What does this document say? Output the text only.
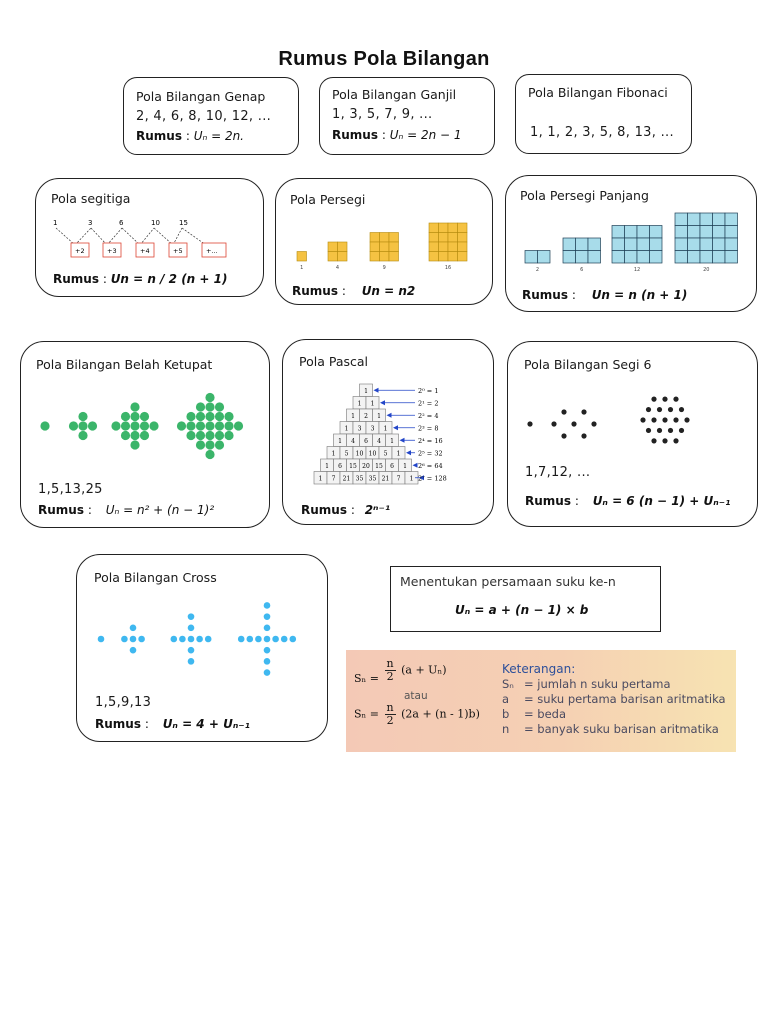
Rumus Pola Bilangan
Pola Bilangan Genap
2, 4, 6, 8, 10, 12, ...
Rumus : Uₙ = 2n.
Pola Bilangan Ganjil
1, 3, 5, 7, 9, ...
Rumus : Uₙ = 2n − 1
Pola Bilangan Fibonaci
1, 1, 2, 3, 5, 8, 13, ...
Pola segitiga
1	3	6	10	15
+2	+3	+4	+5	+...
Rumus : Un = n / 2 (n + 1)
Pola Persegi
1	4	9	16
Rumus : Un = n2
Pola Persegi Panjang
2	6	12	20
Rumus : Un = n (n + 1)
Pola Bilangan Belah Ketupat
1,5,13,25
Rumus : Uₙ = n² + (n − 1)²
Pola Pascal
1	2⁰ = 1
1 1	2¹ = 2
1 2 1	2² = 4
1 3 3 1	2³ = 8
1 4 6 4 1	2⁴ = 16
1 5 10 10 5 1	2⁵ = 32
1 6 15 20 15 6 1 2⁶ = 64
1 7 21 35 35 21 7 1 2⁷ = 128
Rumus : 2ⁿ⁻¹
Pola Bilangan Segi 6
1,7,12, ...
Rumus : Uₙ = 6 (n − 1) + Uₙ₋₁
Pola Bilangan Cross
1,5,9,13
Rumus : Uₙ = 4 + Uₙ₋₁
Menentukan persamaan suku ke-n
Uₙ = a + (n − 1) × b
$S_n = \frac{n}{2} (a + U_n)$
atau
$S_n = \frac{n}{2} (2a + (n - 1)b)$
Keterangan:
Sₙ = jumlah n suku pertama
a = suku pertama barisan aritmatika
b = beda
n = banyak suku barisan aritmatika
